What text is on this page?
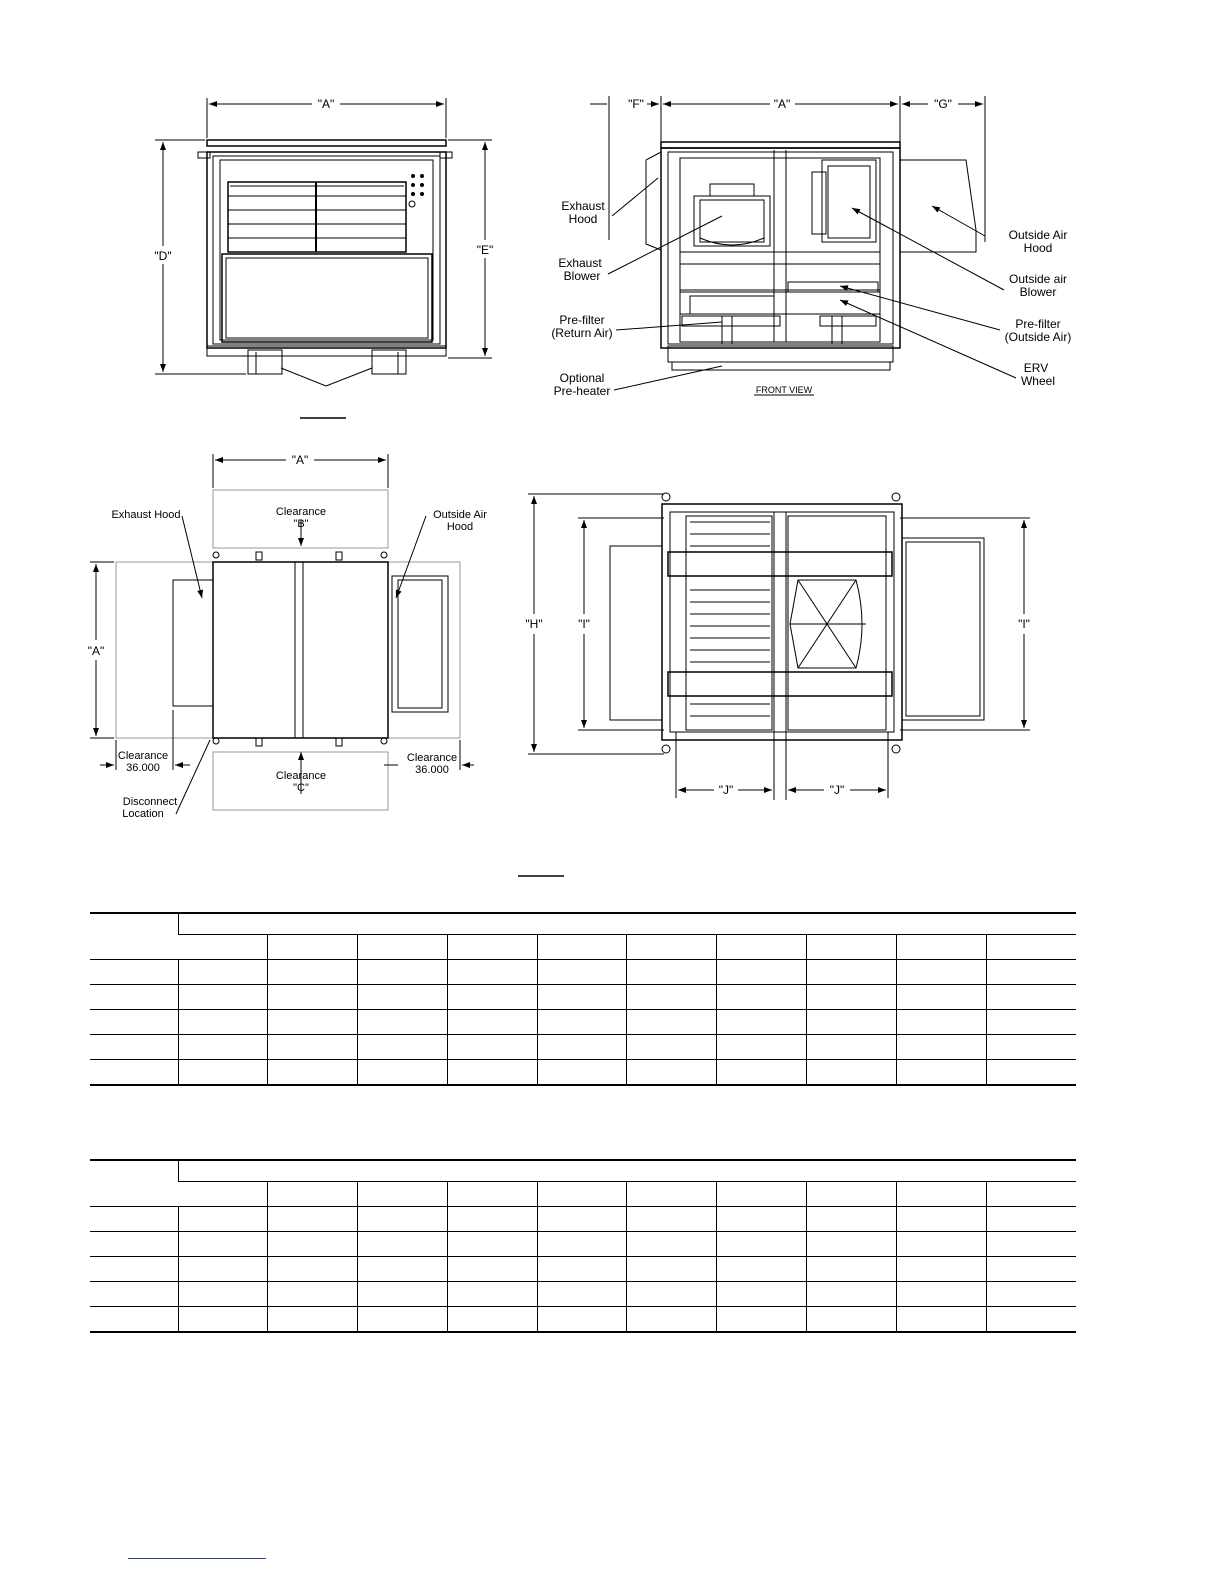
"A"
"D"	"E"
"F"	"A"	"G"
Exhaust
Hood
Exhaust
Blower
Pre-filter
(Return Air)
Optional
Pre-heater
Outside Air
Hood
Outside air
Blower
Pre-filter
(Outside Air)
ERV
Wheel
FRONT VIEW
"A"
"A"
Clearance
"B"
Clearance
"C"
Clearance
36.000
Clearance
36.000
Exhaust Hood	Outside Air
Hood
Disconnect
Location
"H"	"I"	"I"
"J"	"J"
